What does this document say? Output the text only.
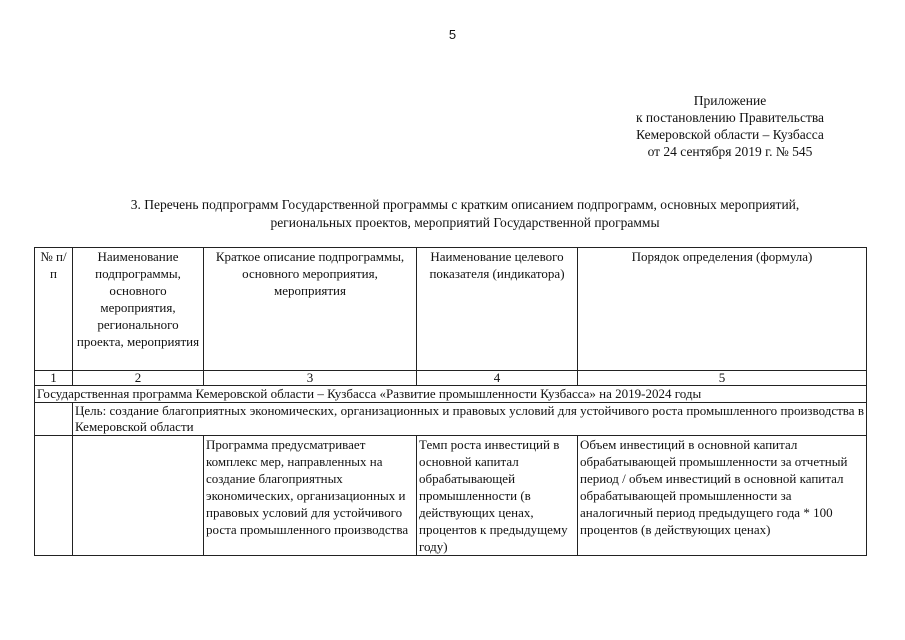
5
Приложение
к постановлению Правительства
Кемеровской области – Кузбасса
от 24 сентября 2019 г. № 545
3. Перечень подпрограмм Государственной программы с кратким описанием подпрограмм, основных мероприятий,
региональных проектов, мероприятий Государственной программы
№ п/п	Наименование подпрограммы, основного мероприятия, регионального проекта, мероприятия	Краткое описание подпрограммы, основного мероприятия, мероприятия	Наименование целевого показателя (индикатора)	Порядок определения (формула)
1	2	3	4	5
Государственная программа Кемеровской области – Кузбасса «Развитие промышленности Кузбасса» на 2019-2024 годы				
	Цель: создание благоприятных экономических, организационных и правовых условий для устойчивого роста промышленного производства в Кемеровской области			
		Программа предусматривает комплекс мер, направленных на создание благоприятных экономических, организационных и правовых условий для устойчивого роста промышленного производства	Темп роста инвестиций в основной капитал обрабатывающей промышленности (в действующих ценах, процентов к предыдущему году)	Объем инвестиций в основной капитал обрабатывающей промышленности за отчетный период / объем инвестиций в основной капитал обрабатывающей промышленности за аналогичный период предыдущего года * 100 процентов (в действующих ценах)
